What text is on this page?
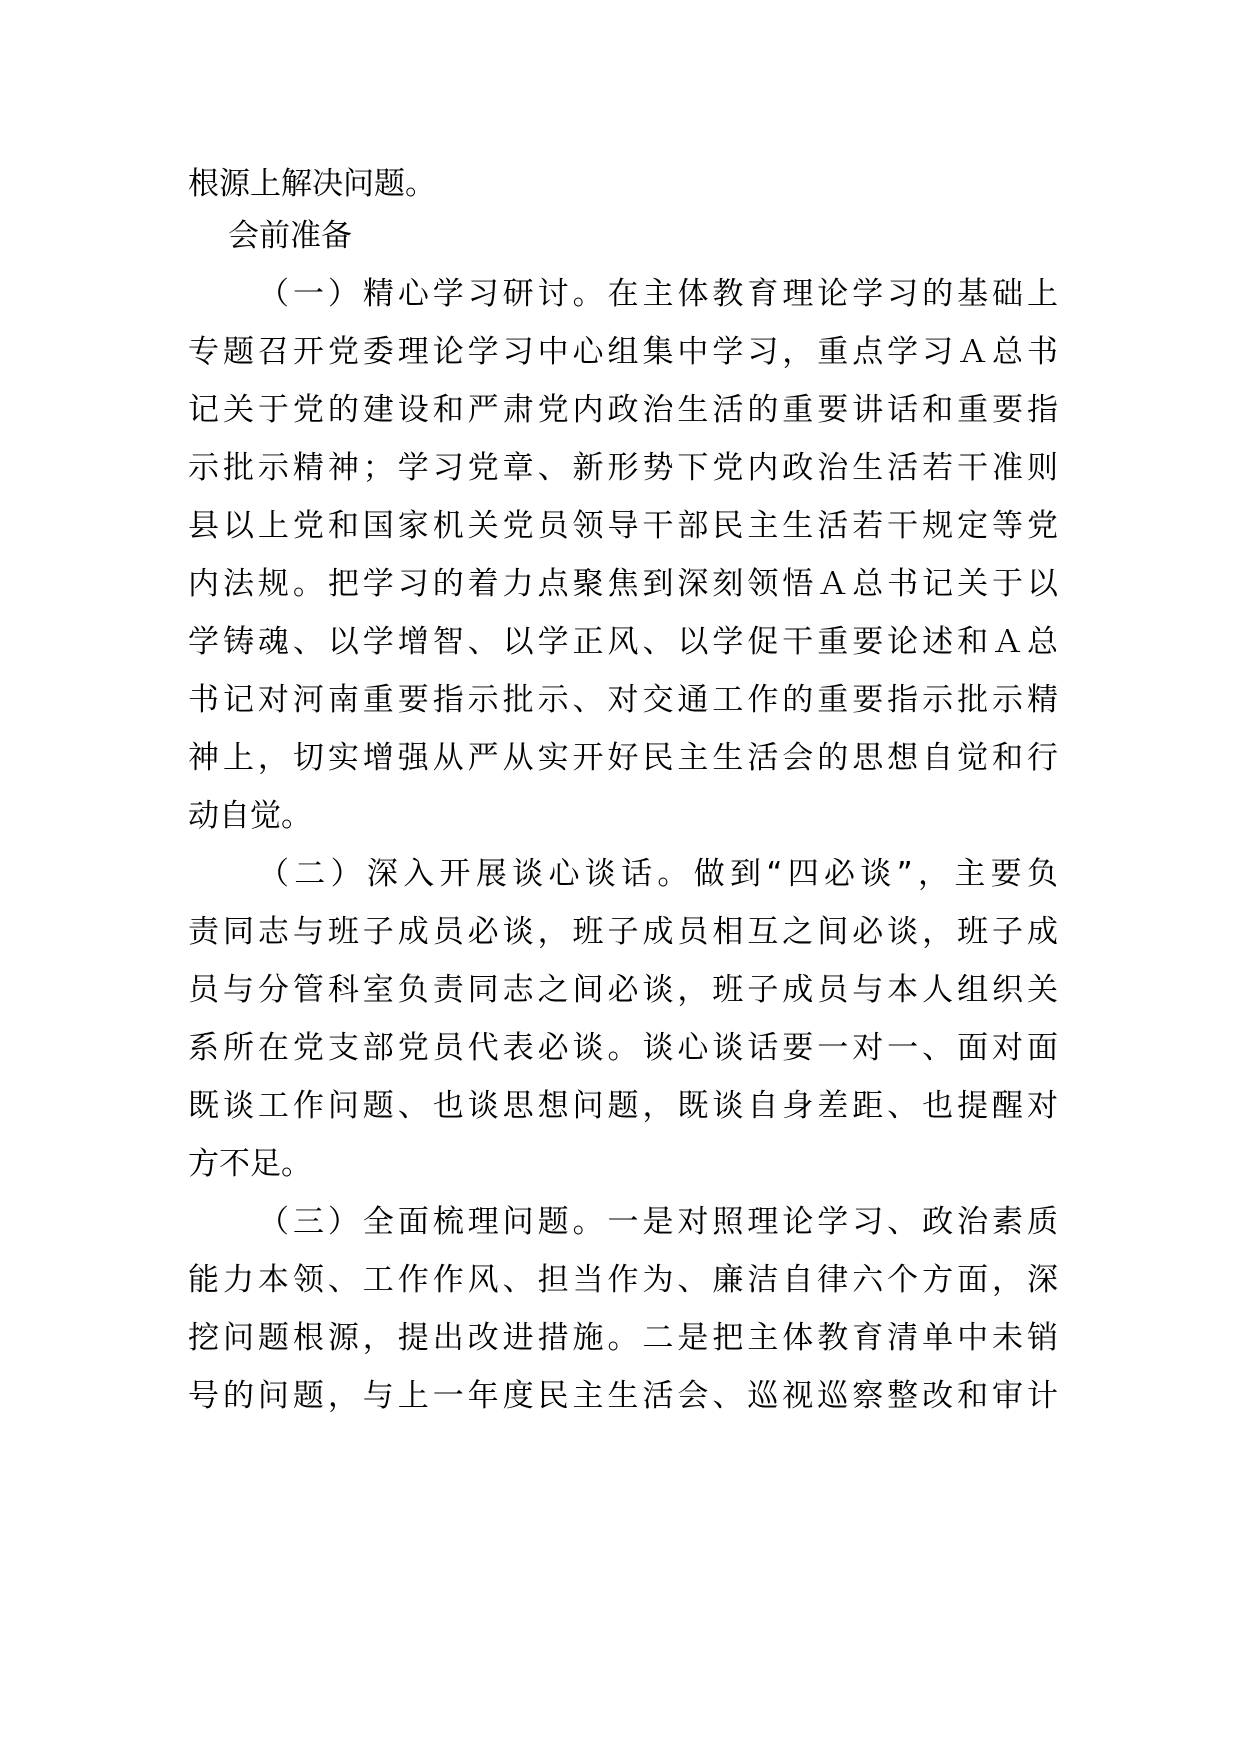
根源上解决问题。
会前准备
（一）精心学习研讨。在主体教育理论学习的基础上
专题召开党委理论学习中心组集中学习，重点学习Ａ总书
记关于党的建设和严肃党内政治生活的重要讲话和重要指
示批示精神；学习党章、新形势下党内政治生活若干准则
县以上党和国家机关党员领导干部民主生活若干规定等党
内法规。把学习的着力点聚焦到深刻领悟Ａ总书记关于以
学铸魂、以学增智、以学正风、以学促干重要论述和Ａ总
书记对河南重要指示批示、对交通工作的重要指示批示精
神上，切实增强从严从实开好民主生活会的思想自觉和行
动自觉。
（二）深入开展谈心谈话。做到“四必谈”，主要负
责同志与班子成员必谈，班子成员相互之间必谈，班子成
员与分管科室负责同志之间必谈，班子成员与本人组织关
系所在党支部党员代表必谈。谈心谈话要一对一、面对面
既谈工作问题、也谈思想问题，既谈自身差距、也提醒对
方不足。
（三）全面梳理问题。一是对照理论学习、政治素质
能力本领、工作作风、担当作为、廉洁自律六个方面，深
挖问题根源，提出改进措施。二是把主体教育清单中未销
号的问题，与上一年度民主生活会、巡视巡察整改和审计
